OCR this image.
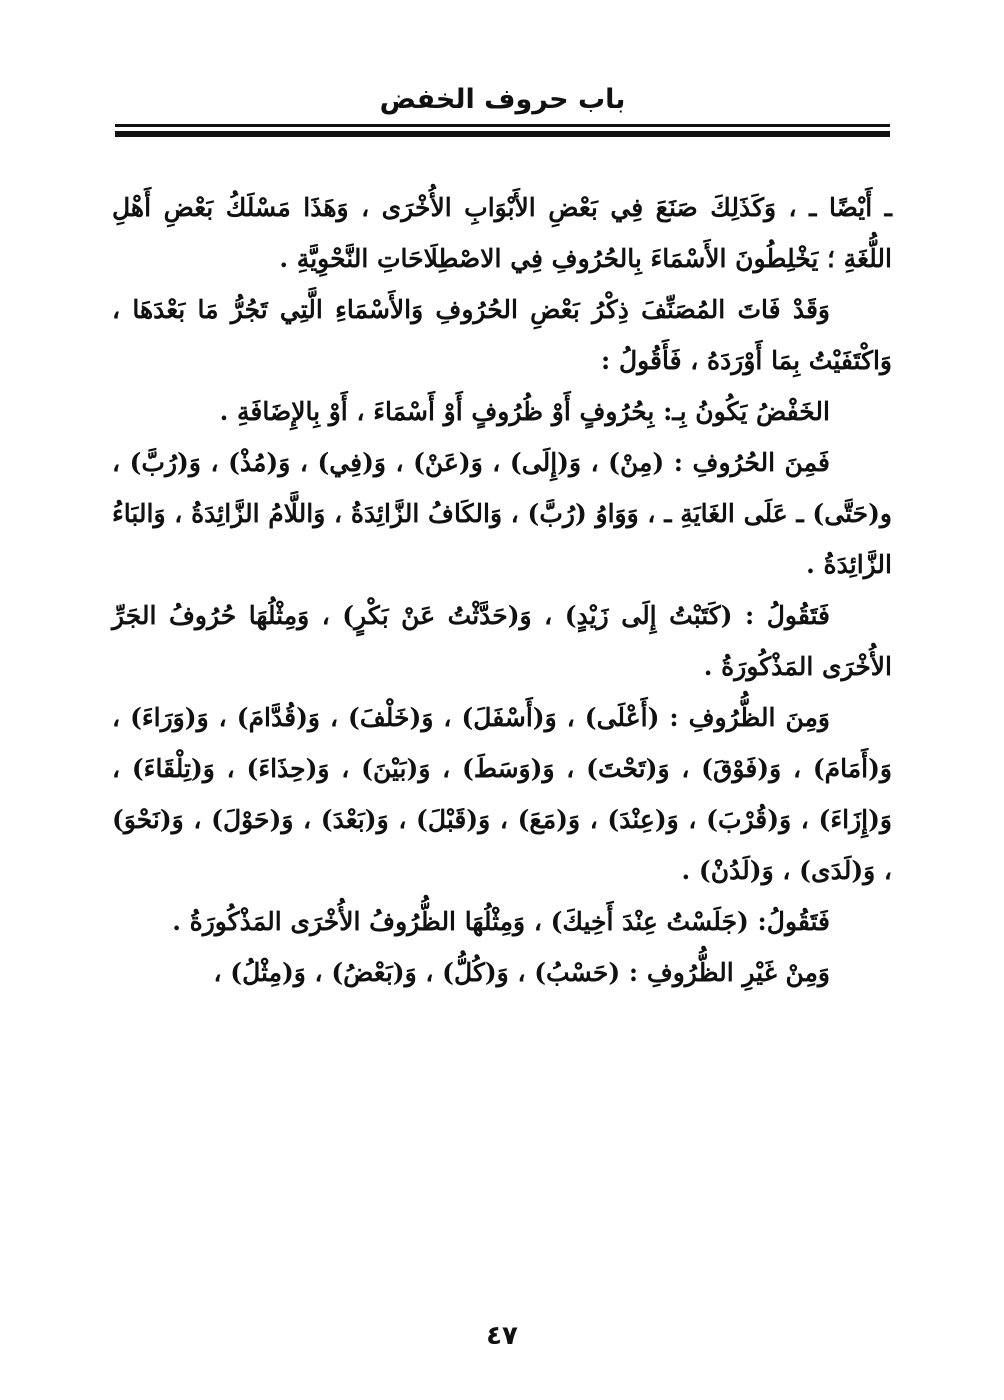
باب حروف الخفض

ـ أَيْضًا ـ ، وَكَذَلِكَ صَنَعَ فِي بَعْضِ الأَبْوَابِ الأُخْرَى ، وَهَذَا مَسْلَكُ بَعْضِ أَهْلِ اللُّغَةِ ؛ يَخْلِطُونَ الأَسْمَاءَ بِالحُرُوفِ فِي الاصْطِلَاحَاتِ النَّحْوِيَّةِ .

وَقَدْ فَاتَ المُصَنِّفَ ذِكْرُ بَعْضِ الحُرُوفِ وَالأَسْمَاءِ الَّتِي تَجُرُّ مَا بَعْدَهَا ، وَاكْتَفَيْتُ بِمَا أَوْرَدَهُ ، فَأَقُولُ :

الخَفْضُ يَكُونُ بِـ: بِحُرُوفٍ أَوْ ظُرُوفٍ أَوْ أَسْمَاءَ ، أَوْ بِالإِضَافَةِ .

فَمِنَ الحُرُوفِ : (مِنْ) ، وَ(إِلَى) ، وَ(عَنْ) ، وَ(فِي) ، وَ(مُذْ) ، وَ(رُبَّ) ، و(حَتَّى) ـ عَلَى الغَايَةِ ـ ، وَوَاوُ (رُبَّ) ، وَالكَافُ الزَّائِدَةُ ، وَاللَّامُ الزَّائِدَةُ ، وَالبَاءُ الزَّائِدَةُ .

فَتَقُولُ : (كَتَبْتُ إِلَى زَيْدٍ) ، وَ(حَدَّثْتُ عَنْ بَكْرٍ) ، وَمِثْلُهَا حُرُوفُ الجَرِّ الأُخْرَى المَذْكُورَةُ .

وَمِنَ الظُّرُوفِ : (أَعْلَى) ، وَ(أَسْفَلَ) ، وَ(خَلْفَ) ، وَ(قُدَّامَ) ، وَ(وَرَاءَ) ، وَ(أَمَامَ) ، وَ(فَوْقَ) ، وَ(تَحْتَ) ، وَ(وَسَطَ) ، وَ(بَيْنَ) ، وَ(حِذَاءَ) ، وَ(تِلْقَاءَ) ، وَ(إِزَاءَ) ، وَ(قُرْبَ) ، وَ(عِنْدَ) ، وَ(مَعَ) ، وَ(قَبْلَ) ، وَ(بَعْدَ) ، وَ(حَوْلَ) ، وَ(نَحْوَ) ، وَ(لَدَى) ، وَ(لَدُنْ) .

فَتَقُولُ: (جَلَسْتُ عِنْدَ أَخِيكَ) ، وَمِثْلُهَا الظُّرُوفُ الأُخْرَى المَذْكُورَةُ .

وَمِنْ غَيْرِ الظُّرُوفِ : (حَسْبُ) ، وَ(كُلُّ) ، وَ(بَعْضُ) ، وَ(مِثْلُ) ،

٤٧
